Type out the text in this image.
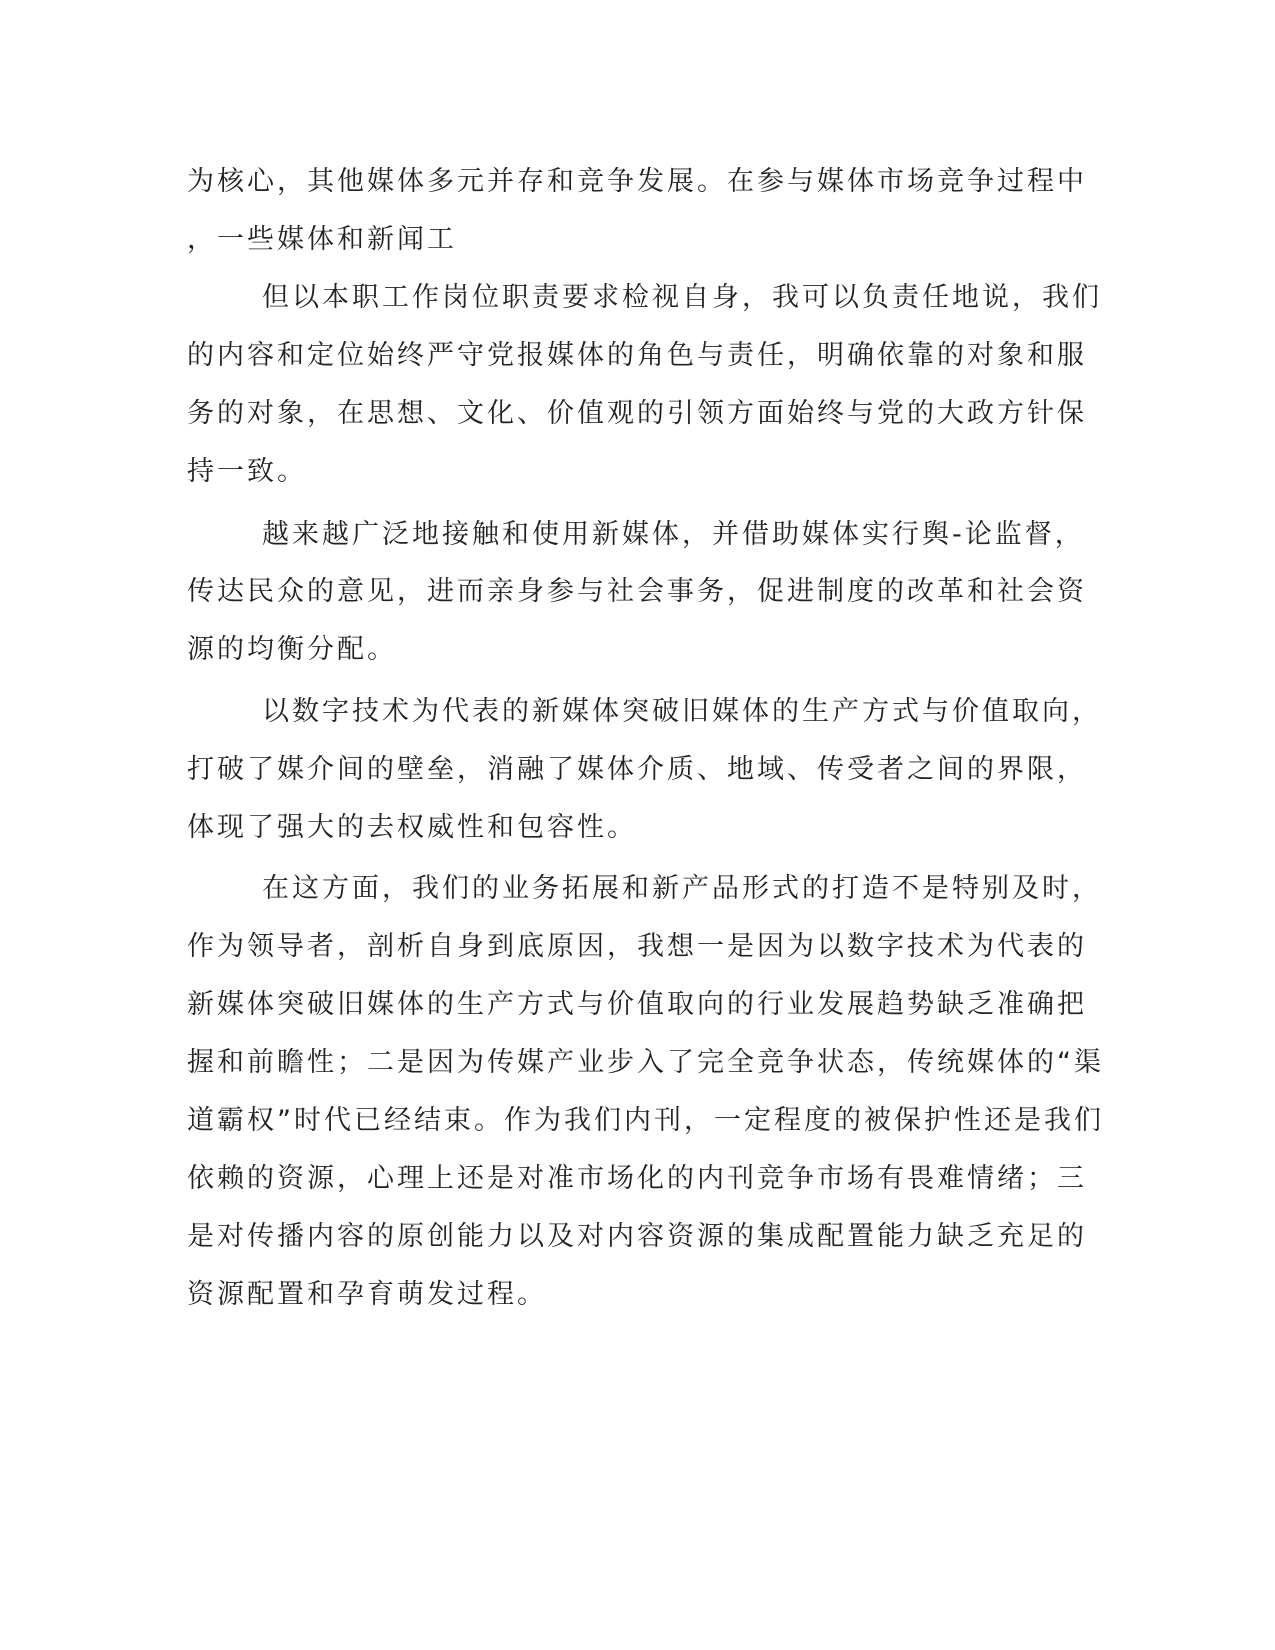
为核心，其他媒体多元并存和竞争发展。在参与媒体市场竞争过程中
，一些媒体和新闻工
但以本职工作岗位职责要求检视自身，我可以负责任地说，我们
的内容和定位始终严守党报媒体的角色与责任，明确依靠的对象和服
务的对象，在思想、文化、价值观的引领方面始终与党的大政方针保
持一致。
越来越广泛地接触和使用新媒体，并借助媒体实行舆-论监督，
传达民众的意见，进而亲身参与社会事务，促进制度的改革和社会资
源的均衡分配。
以数字技术为代表的新媒体突破旧媒体的生产方式与价值取向，
打破了媒介间的壁垒，消融了媒体介质、地域、传受者之间的界限，
体现了强大的去权威性和包容性。
在这方面，我们的业务拓展和新产品形式的打造不是特别及时，
作为领导者，剖析自身到底原因，我想一是因为以数字技术为代表的
新媒体突破旧媒体的生产方式与价值取向的行业发展趋势缺乏准确把
握和前瞻性；二是因为传媒产业步入了完全竞争状态，传统媒体的“渠
道霸权”时代已经结束。作为我们内刊，一定程度的被保护性还是我们
依赖的资源，心理上还是对准市场化的内刊竞争市场有畏难情绪；三
是对传播内容的原创能力以及对内容资源的集成配置能力缺乏充足的
资源配置和孕育萌发过程。
